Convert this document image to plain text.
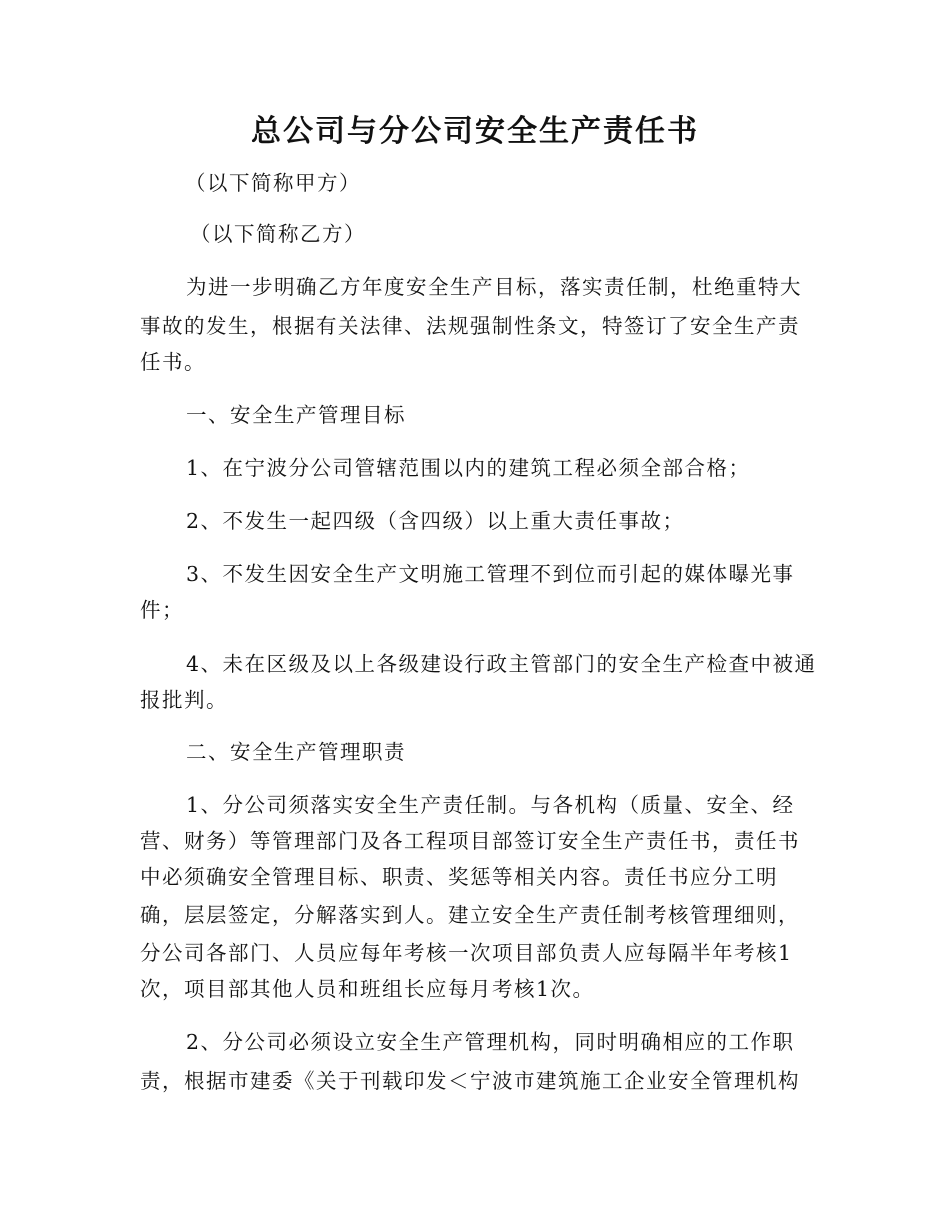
总公司与分公司安全生产责任书
（以下简称甲方）
（以下简称乙方）
为进一步明确乙方年度安全生产目标，落实责任制，杜绝重特大
事故的发生，根据有关法律、法规强制性条文，特签订了安全生产责
任书。
一、安全生产管理目标
1、在宁波分公司管辖范围以内的建筑工程必须全部合格；
2、不发生一起四级（含四级）以上重大责任事故；
3、不发生因安全生产文明施工管理不到位而引起的媒体曝光事
件；
4、未在区级及以上各级建设行政主管部门的安全生产检查中被通
报批判。
二、安全生产管理职责
1、分公司须落实安全生产责任制。与各机构（质量、安全、经
营、财务）等管理部门及各工程项目部签订安全生产责任书，责任书
中必须确安全管理目标、职责、奖惩等相关内容。责任书应分工明
确，层层签定，分解落实到人。建立安全生产责任制考核管理细则，
分公司各部门、人员应每年考核一次项目部负责人应每隔半年考核1
次，项目部其他人员和班组长应每月考核1次。
2、分公司必须设立安全生产管理机构，同时明确相应的工作职
责，根据市建委《关于刊载印发＜宁波市建筑施工企业安全管理机构
